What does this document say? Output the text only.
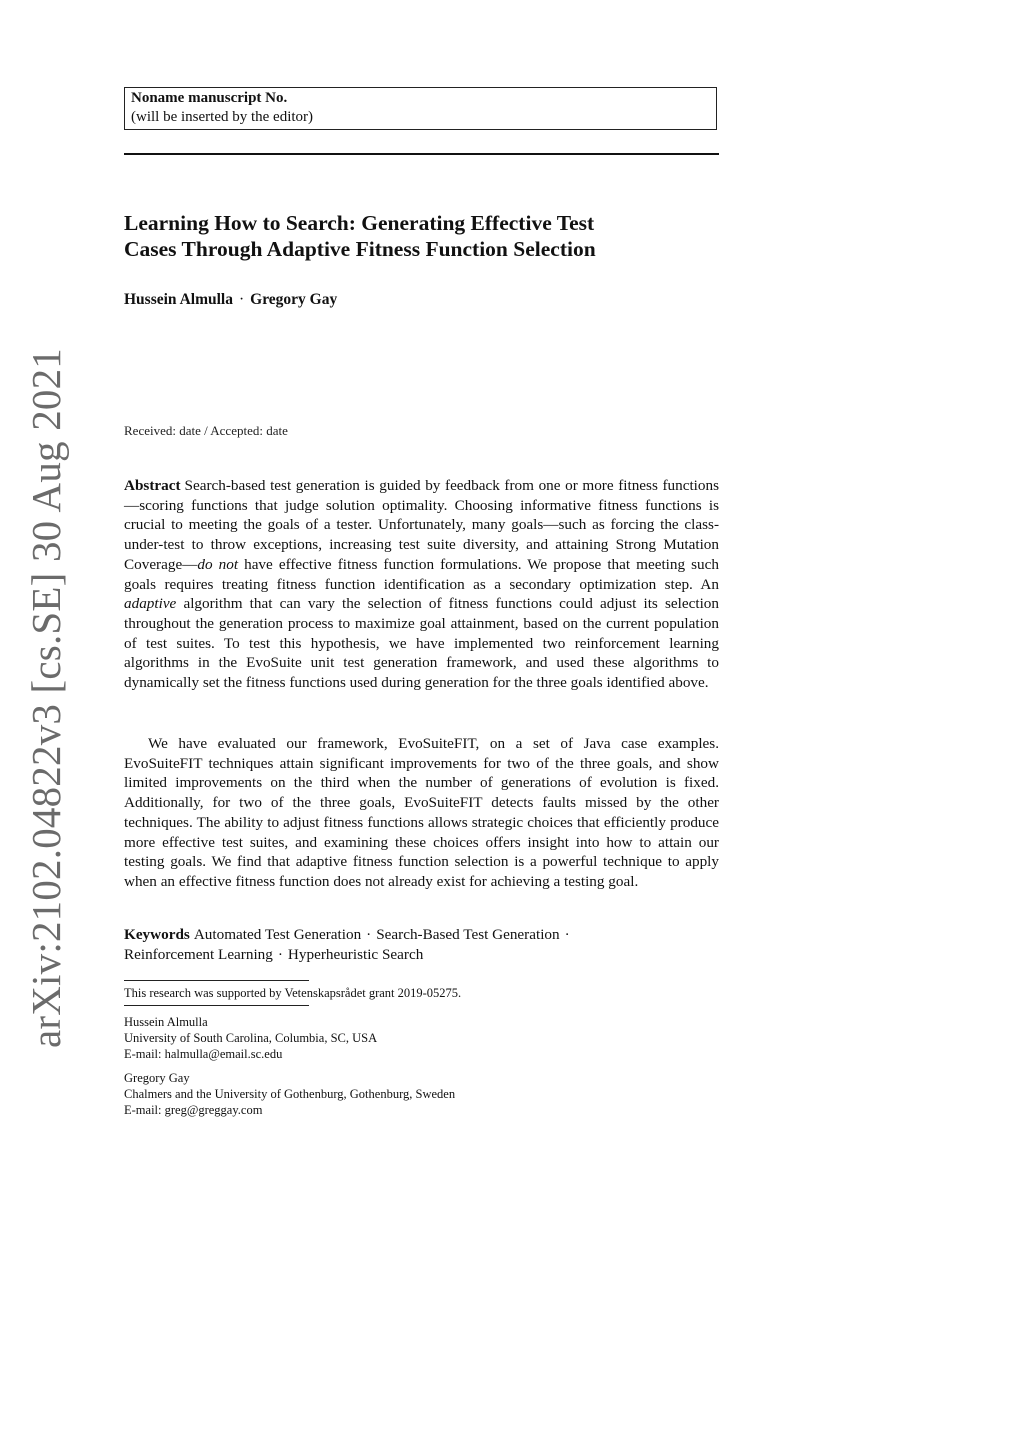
arXiv:2102.04822v3 [cs.SE] 30 Aug 2021
Noname manuscript No.
(will be inserted by the editor)
Learning How to Search: Generating Effective Test
Cases Through Adaptive Fitness Function Selection
Hussein Almulla · Gregory Gay
Received: date / Accepted: date

Abstract Search-based test generation is guided by feedback from one or more fitness functions—scoring functions that judge solution optimality. Choosing informative fitness functions is crucial to meeting the goals of a tester. Unfortunately, many goals—such as forcing the class-under-test to throw exceptions, increasing test suite diversity, and attaining Strong Mutation Coverage—do not have effective fitness function formulations. We propose that meeting such goals requires treating fitness function identification as a secondary optimization step. An adaptive algorithm that can vary the selection of fitness functions could adjust its selection throughout the generation process to maximize goal attainment, based on the current population of test suites. To test this hypothesis, we have implemented two reinforcement learning algorithms in the EvoSuite unit test generation framework, and used these algorithms to dynamically set the fitness functions used during generation for the three goals identified above.

We have evaluated our framework, EvoSuiteFIT, on a set of Java case examples. EvoSuiteFIT techniques attain significant improvements for two of the three goals, and show limited improvements on the third when the number of generations of evolution is fixed. Additionally, for two of the three goals, EvoSuiteFIT detects faults missed by the other techniques. The ability to adjust fitness functions allows strategic choices that efficiently produce more effective test suites, and examining these choices offers insight into how to attain our testing goals. We find that adaptive fitness function selection is a powerful technique to apply when an effective fitness function does not already exist for achieving a testing goal.

Keywords Automated Test Generation · Search-Based Test Generation ·
Reinforcement Learning · Hyperheuristic Search

This research was supported by Vetenskapsrådet grant 2019-05275.
Hussein Almulla
University of South Carolina, Columbia, SC, USA
E-mail: halmulla@email.sc.edu
Gregory Gay
Chalmers and the University of Gothenburg, Gothenburg, Sweden
E-mail: greg@greggay.com
